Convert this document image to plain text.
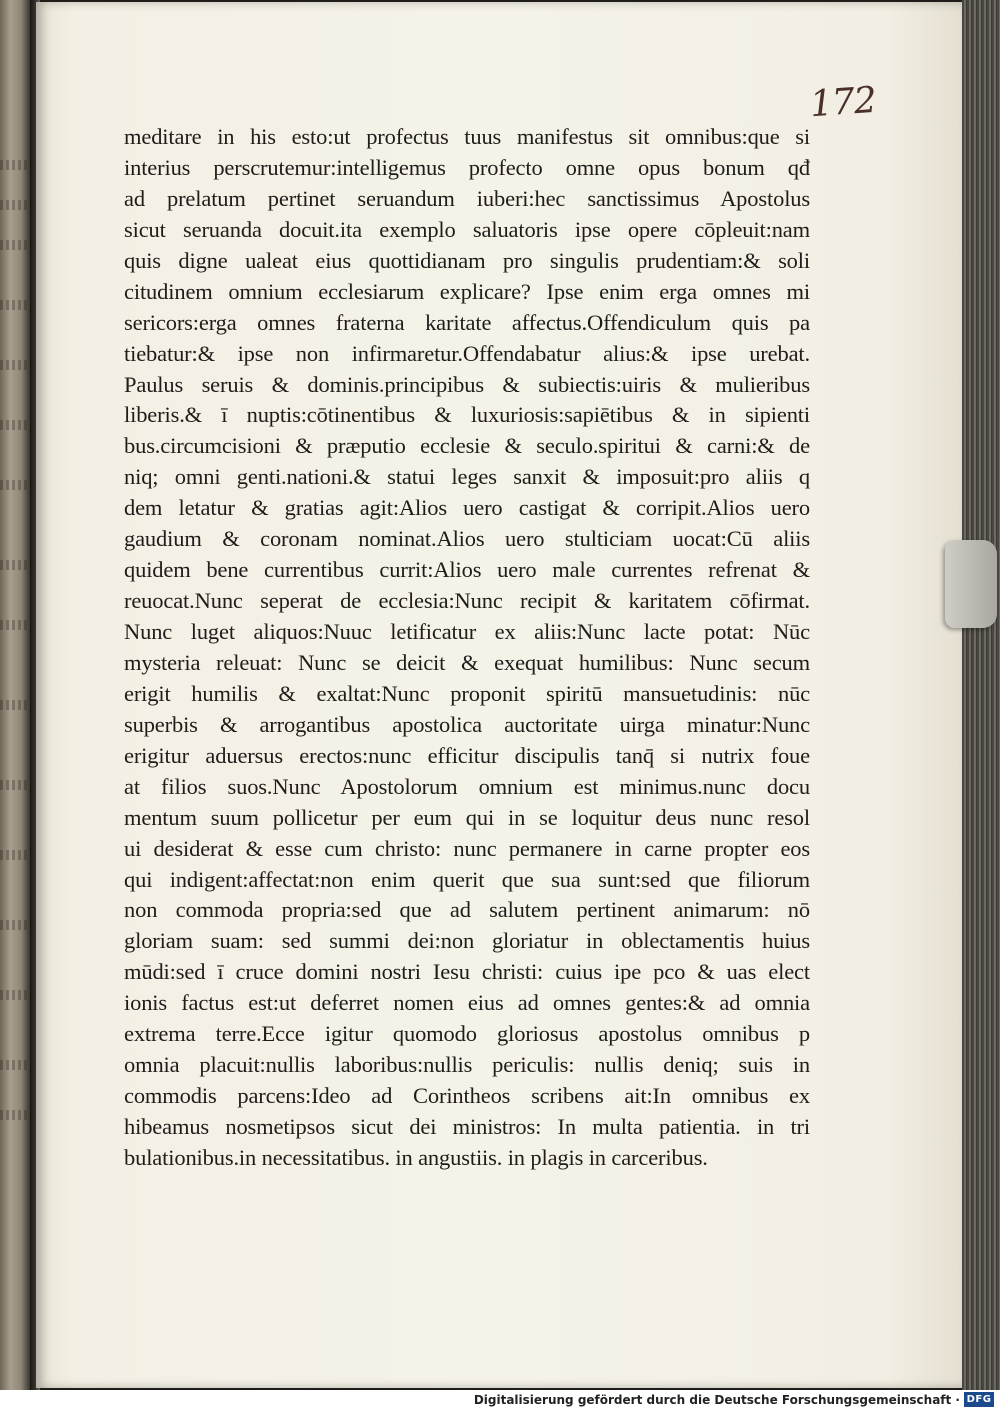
172
meditare in his esto:ut profectus tuus manifestus sit omnibus:que si
interius perscrutemur:intelligemus profecto omne opus bonum qđ
ad prelatum pertinet seruandum iuberi:hec sanctissimus Apostolus
sicut seruanda docuit.ita exemplo saluatoris ipse opere cōpleuit:nam
quis digne ualeat eius quottidianam pro singulis prudentiam:& soli
citudinem omnium ecclesiarum explicare? Ipse enim erga omnes mi
sericors:erga omnes fraterna karitate affectus.Offendiculum quis pa
tiebatur:& ipse non infirmaretur.Offendabatur alius:& ipse urebat.
Paulus seruis & dominis.principibus & subiectis:uiris & mulieribus
liberis.& ī nuptis:cōtinentibus & luxuriosis:sapiētibus & in sipienti
bus.circumcisioni & præputio ecclesie & seculo.spiritui & carni:& de
niq; omni genti.nationi.& statui leges sanxit & imposuit:pro aliis q
dem letatur & gratias agit:Alios uero castigat & corripit.Alios uero
gaudium & coronam nominat.Alios uero stulticiam uocat:Cū aliis
quidem bene currentibus currit:Alios uero male currentes refrenat &
reuocat.Nunc seperat de ecclesia:Nunc recipit & karitatem cōfirmat.
Nunc luget aliquos:Nuuc letificatur ex aliis:Nunc lacte potat: Nūc
mysteria releuat: Nunc se deicit & exequat humilibus: Nunc secum
erigit humilis & exaltat:Nunc proponit spiritū mansuetudinis: nūc
superbis & arrogantibus apostolica auctoritate uirga minatur:Nunc
erigitur aduersus erectos:nunc efficitur discipulis tanq̄ si nutrix foue
at filios suos.Nunc Apostolorum omnium est minimus.nunc docu
mentum suum pollicetur per eum qui in se loquitur deus nunc resol
ui desiderat & esse cum christo: nunc permanere in carne propter eos
qui indigent:affectat:non enim querit que sua sunt:sed que filiorum
non commoda propria:sed que ad salutem pertinent animarum: nō
gloriam suam: sed summi dei:non gloriatur in oblectamentis huius
mūdi:sed ī cruce domini nostri Iesu christi: cuius ipe pco & uas elect
ionis factus est:ut deferret nomen eius ad omnes gentes:& ad omnia
extrema terre.Ecce igitur quomodo gloriosus apostolus omnibus p
omnia placuit:nullis laboribus:nullis periculis: nullis deniq; suis in
commodis parcens:Ideo ad Corintheos scribens ait:In omnibus ex
hibeamus nosmetipsos sicut dei ministros: In multa patientia. in tri
bulationibus.in necessitatibus. in angustiis. in plagis in carceribus.
Digitalisierung gefördert durch die Deutsche Forschungsgemeinschaft · DFG
